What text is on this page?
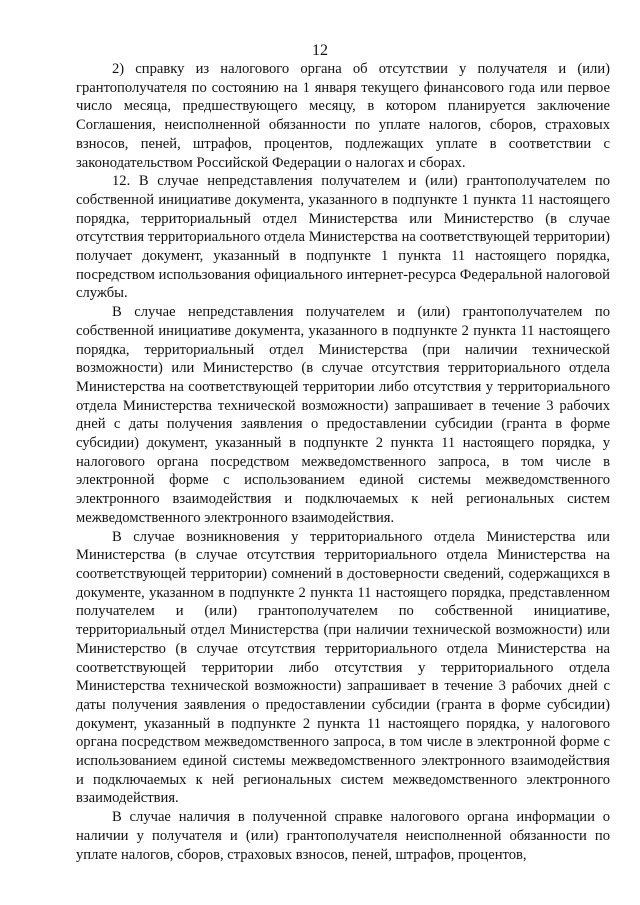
12

2) справку из налогового органа об отсутствии у получателя и (или) грантополучателя по состоянию на 1 января текущего финансового года или первое число месяца, предшествующего месяцу, в котором планируется заключение Соглашения, неисполненной обязанности по уплате налогов, сборов, страховых взносов, пеней, штрафов, процентов, подлежащих уплате в соответствии с законодательством Российской Федерации о налогах и сборах.

12. В случае непредставления получателем и (или) грантополучателем по собственной инициативе документа, указанного в подпункте 1 пункта 11 настоящего порядка, территориальный отдел Министерства или Министерство (в случае отсутствия территориального отдела Министерства на соответствующей территории) получает документ, указанный в подпункте 1 пункта 11 настоящего порядка, посредством использования официального интернет-ресурса Федеральной налоговой службы.

В случае непредставления получателем и (или) грантополучателем по собственной инициативе документа, указанного в подпункте 2 пункта 11 настоящего порядка, территориальный отдел Министерства (при наличии технической возможности) или Министерство (в случае отсутствия территориального отдела Министерства на соответствующей территории либо отсутствия у территориального отдела Министерства технической возможности) запрашивает в течение 3 рабочих дней с даты получения заявления о предоставлении субсидии (гранта в форме субсидии) документ, указанный в подпункте 2 пункта 11 настоящего порядка, у налогового органа посредством межведомственного запроса, в том числе в электронной форме с использованием единой системы межведомственного электронного взаимодействия и подключаемых к ней региональных систем межведомственного электронного взаимодействия.

В случае возникновения у территориального отдела Министерства или Министерства (в случае отсутствия территориального отдела Министерства на соответствующей территории) сомнений в достоверности сведений, содержащихся в документе, указанном в подпункте 2 пункта 11 настоящего порядка, представленном получателем и (или) грантополучателем по собственной инициативе, территориальный отдел Министерства (при наличии технической возможности) или Министерство (в случае отсутствия территориального отдела Министерства на соответствующей территории либо отсутствия у территориального отдела Министерства технической возможности) запрашивает в течение 3 рабочих дней с даты получения заявления о предоставлении субсидии (гранта в форме субсидии) документ, указанный в подпункте 2 пункта 11 настоящего порядка, у налогового органа посредством межведомственного запроса, в том числе в электронной форме с использованием единой системы межведомственного электронного взаимодействия и подключаемых к ней региональных систем межведомственного электронного взаимодействия.

В случае наличия в полученной справке налогового органа информации о наличии у получателя и (или) грантополучателя неисполненной обязанности по уплате налогов, сборов, страховых взносов, пеней, штрафов, процентов,
